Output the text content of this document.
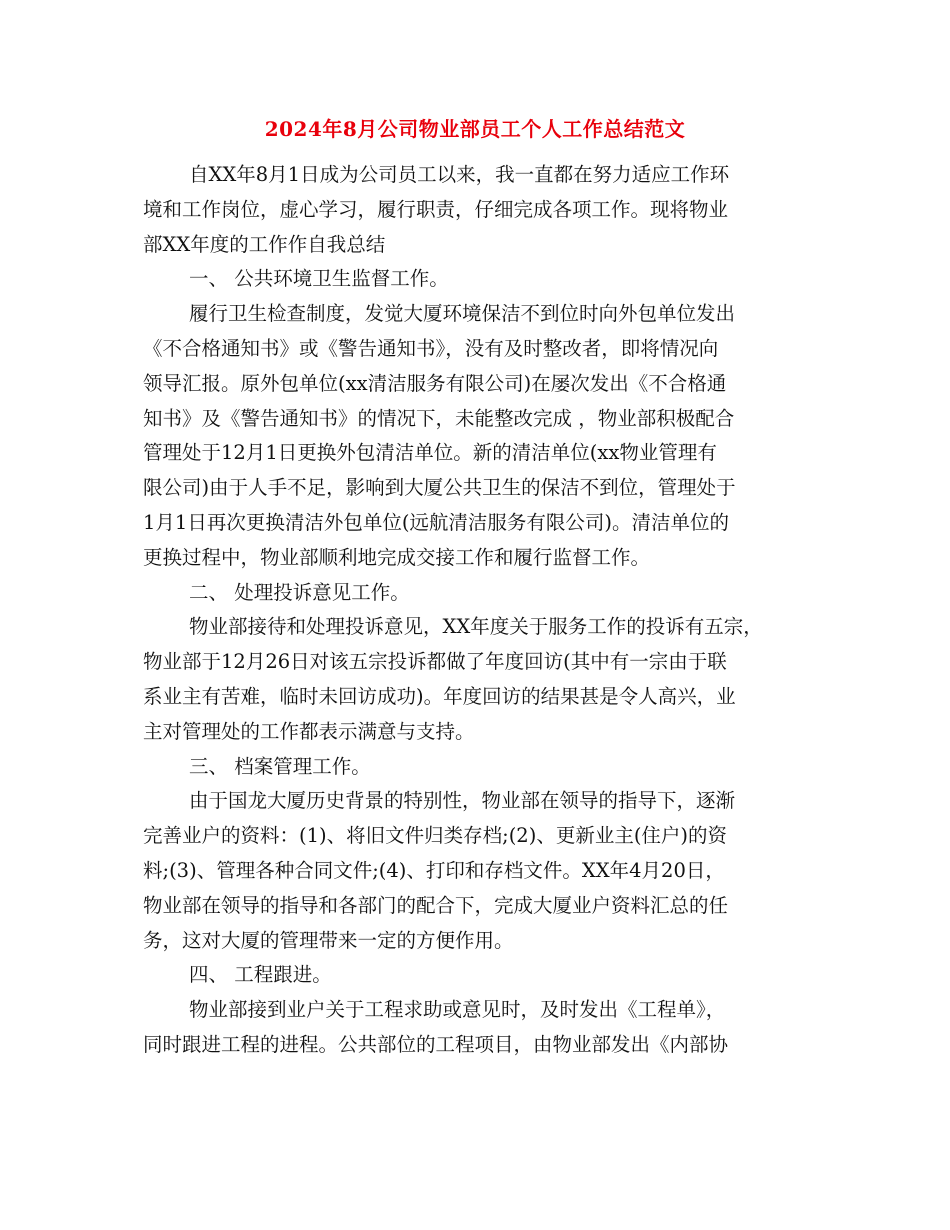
2024年8月公司物业部员工个人工作总结范文
自XX年8月1日成为公司员工以来，我一直都在努力适应工作环
境和工作岗位，虚心学习，履行职责，仔细完成各项工作。现将物业
部XX年度的工作作自我总结
一、 公共环境卫生监督工作。
履行卫生检查制度，发觉大厦环境保洁不到位时向外包单位发出
《不合格通知书》或《警告通知书》，没有及时整改者，即将情况向
领导汇报。原外包单位(xx清洁服务有限公司)在屡次发出《不合格通
知书》及《警告通知书》的情况下，未能整改完成 ，物业部积极配合
管理处于12月1日更换外包清洁单位。新的清洁单位(xx物业管理有
限公司)由于人手不足，影响到大厦公共卫生的保洁不到位，管理处于
1月1日再次更换清洁外包单位(远航清洁服务有限公司)。清洁单位的
更换过程中，物业部顺利地完成交接工作和履行监督工作。
二、 处理投诉意见工作。
物业部接待和处理投诉意见，XX年度关于服务工作的投诉有五宗，
物业部于12月26日对该五宗投诉都做了年度回访(其中有一宗由于联
系业主有苦难，临时未回访成功)。年度回访的结果甚是令人高兴，业
主对管理处的工作都表示满意与支持。
三、 档案管理工作。
由于国龙大厦历史背景的特别性，物业部在领导的指导下，逐渐
完善业户的资料：(1)、将旧文件归类存档;(2)、更新业主(住户)的资
料;(3)、管理各种合同文件;(4)、打印和存档文件。XX年4月20日，
物业部在领导的指导和各部门的配合下，完成大厦业户资料汇总的任
务，这对大厦的管理带来一定的方便作用。
四、 工程跟进。
物业部接到业户关于工程求助或意见时，及时发出《工程单》，
同时跟进工程的进程。公共部位的工程项目，由物业部发出《内部协
